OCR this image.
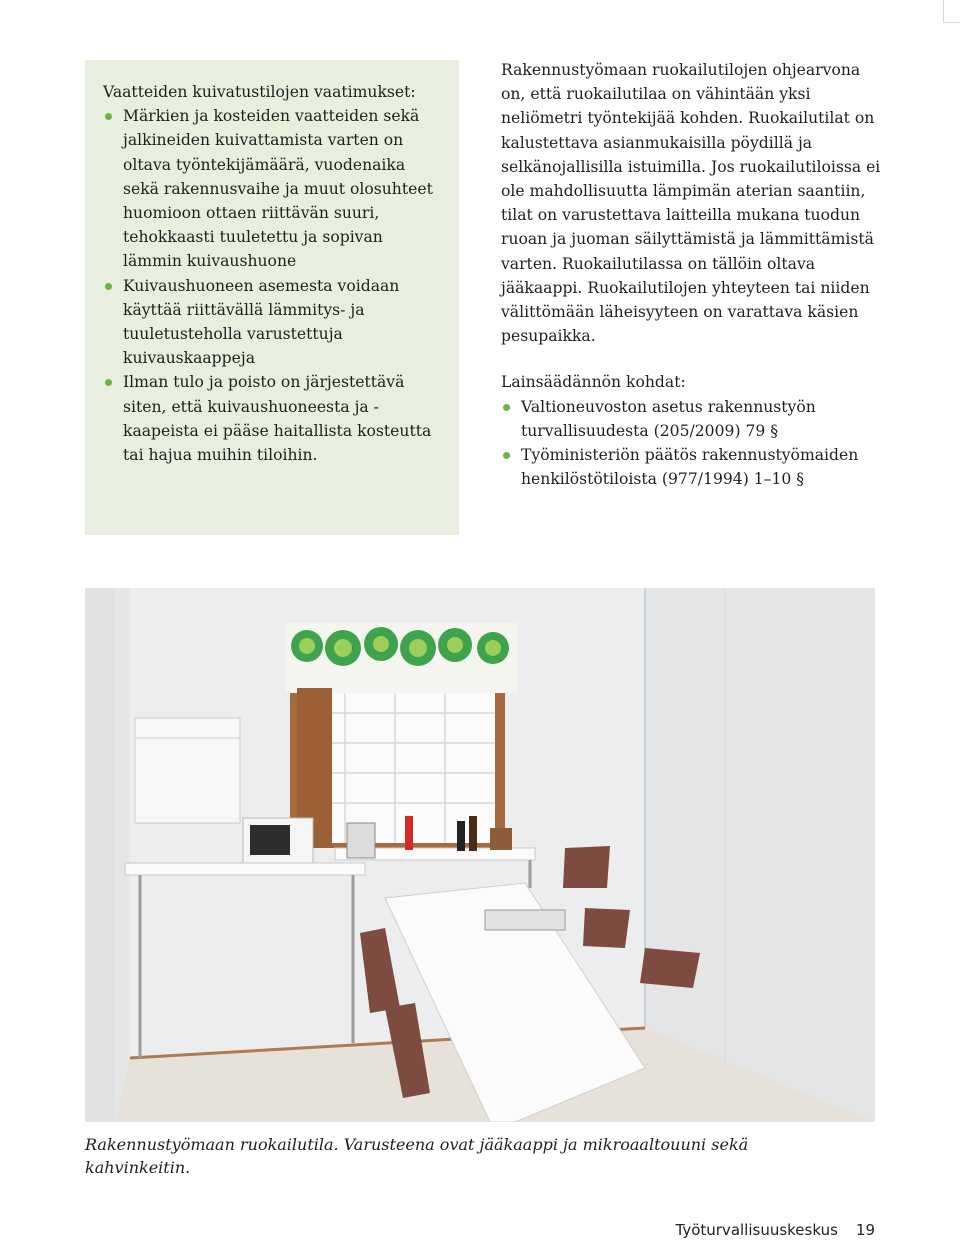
Vaatteiden kuivatustilojen vaatimukset:

Märkien ja kosteiden vaatteiden sekä jalkineiden kuivattamista varten on oltava työntekijämäärä, vuodenaika sekä rakennusvaihe ja muut olosuhteet huomioon ottaen riittävän suuri, tehokkaasti tuuletettu ja sopivan lämmin kuivaushuone
Kuivaushuoneen asemesta voidaan käyttää riittävällä lämmitys- ja tuuletusteholla varustettuja kuivauskaappeja
Ilman tulo ja poisto on järjestettävä siten, että kuivaushuoneesta ja -kaapeista ei pääse haitallista kosteutta tai hajua muihin tiloihin.

Rakennustyömaan ruokailutilojen ohjearvona on, että ruokailutilaa on vähintään yksi neliömetri työntekijää kohden. Ruokailutilat on kalustettava asianmukaisilla pöydillä ja selkänojallisilla istuimilla. Jos ruokailutiloissa ei ole mahdollisuutta lämpimän aterian saantiin, tilat on varustettava laitteilla mukana tuodun ruoan ja juoman säilyttämistä ja lämmittämistä varten. Ruokailutilassa on tällöin oltava jääkaappi. Ruokailutilojen yhteyteen tai niiden välittömään läheisyyteen on varattava käsien pesupaikka.

Lainsäädännön kohdat:

Valtioneuvoston asetus rakennustyön turvallisuudesta (205/2009) 79 §
Työministeriön päätös rakennustyömaiden henkilöstötiloista (977/1994) 1–10 §
Rakennustyömaan ruokailutila. Varusteena ovat jääkaappi ja mikroaaltouuni sekä kahvinkeitin.
Työturvallisuuskeskus 19
